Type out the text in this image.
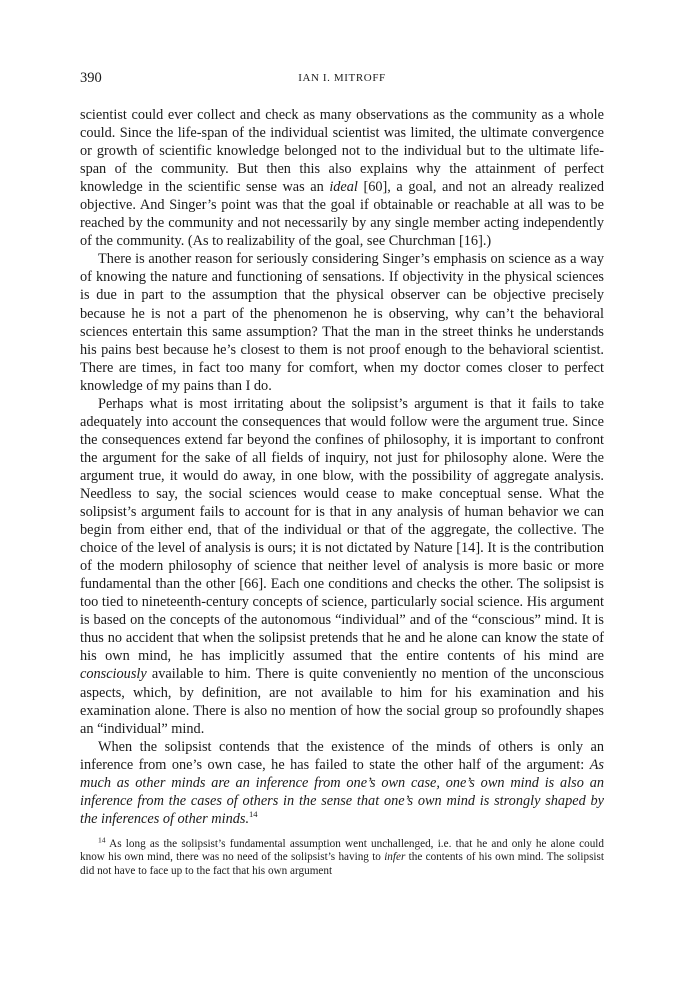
390	IAN I. MITROFF

scientist could ever collect and check as many observations as the community as a whole could. Since the life-span of the individual scientist was limited, the ultimate convergence or growth of scientific knowledge belonged not to the individual but to the ultimate life-span of the community. But then this also explains why the attainment of perfect knowledge in the scientific sense was an ideal [60], a goal, and not an already realized objective. And Singer’s point was that the goal if obtainable or reachable at all was to be reached by the community and not necessarily by any single member acting independently of the community. (As to realizability of the goal, see Churchman [16].)

There is another reason for seriously considering Singer’s emphasis on science as a way of knowing the nature and functioning of sensations. If objectivity in the physical sciences is due in part to the assumption that the physical observer can be objective precisely because he is not a part of the phenomenon he is observing, why can’t the behavioral sciences entertain this same assumption? That the man in the street thinks he understands his pains best because he’s closest to them is not proof enough to the behavioral scientist. There are times, in fact too many for comfort, when my doctor comes closer to perfect knowledge of my pains than I do.

Perhaps what is most irritating about the solipsist’s argument is that it fails to take adequately into account the consequences that would follow were the argument true. Since the consequences extend far beyond the confines of philosophy, it is important to confront the argument for the sake of all fields of inquiry, not just for philosophy alone. Were the argument true, it would do away, in one blow, with the possibility of aggregate analysis. Needless to say, the social sciences would cease to make conceptual sense. What the solipsist’s argument fails to account for is that in any analysis of human behavior we can begin from either end, that of the individual or that of the aggregate, the collective. The choice of the level of analysis is ours; it is not dictated by Nature [14]. It is the contribution of the modern philosophy of science that neither level of analysis is more basic or more fundamental than the other [66]. Each one conditions and checks the other. The solipsist is too tied to nineteenth-century concepts of science, particularly social science. His argument is based on the concepts of the autonomous “individual” and of the “conscious” mind. It is thus no accident that when the solipsist pretends that he and he alone can know the state of his own mind, he has implicitly assumed that the entire contents of his mind are consciously available to him. There is quite conveniently no mention of the unconscious aspects, which, by definition, are not available to him for his examination and his examination alone. There is also no mention of how the social group so profoundly shapes an “individual” mind.

When the solipsist contends that the existence of the minds of others is only an inference from one’s own case, he has failed to state the other half of the argument: As much as other minds are an inference from one’s own case, one’s own mind is also an inference from the cases of others in the sense that one’s own mind is strongly shaped by the inferences of other minds.$^{14}$

$^{14}$ As long as the solipsist’s fundamental assumption went unchallenged, i.e. that he and only he alone could know his own mind, there was no need of the solipsist’s having to infer the contents of his own mind. The solipsist did not have to face up to the fact that his own argument
